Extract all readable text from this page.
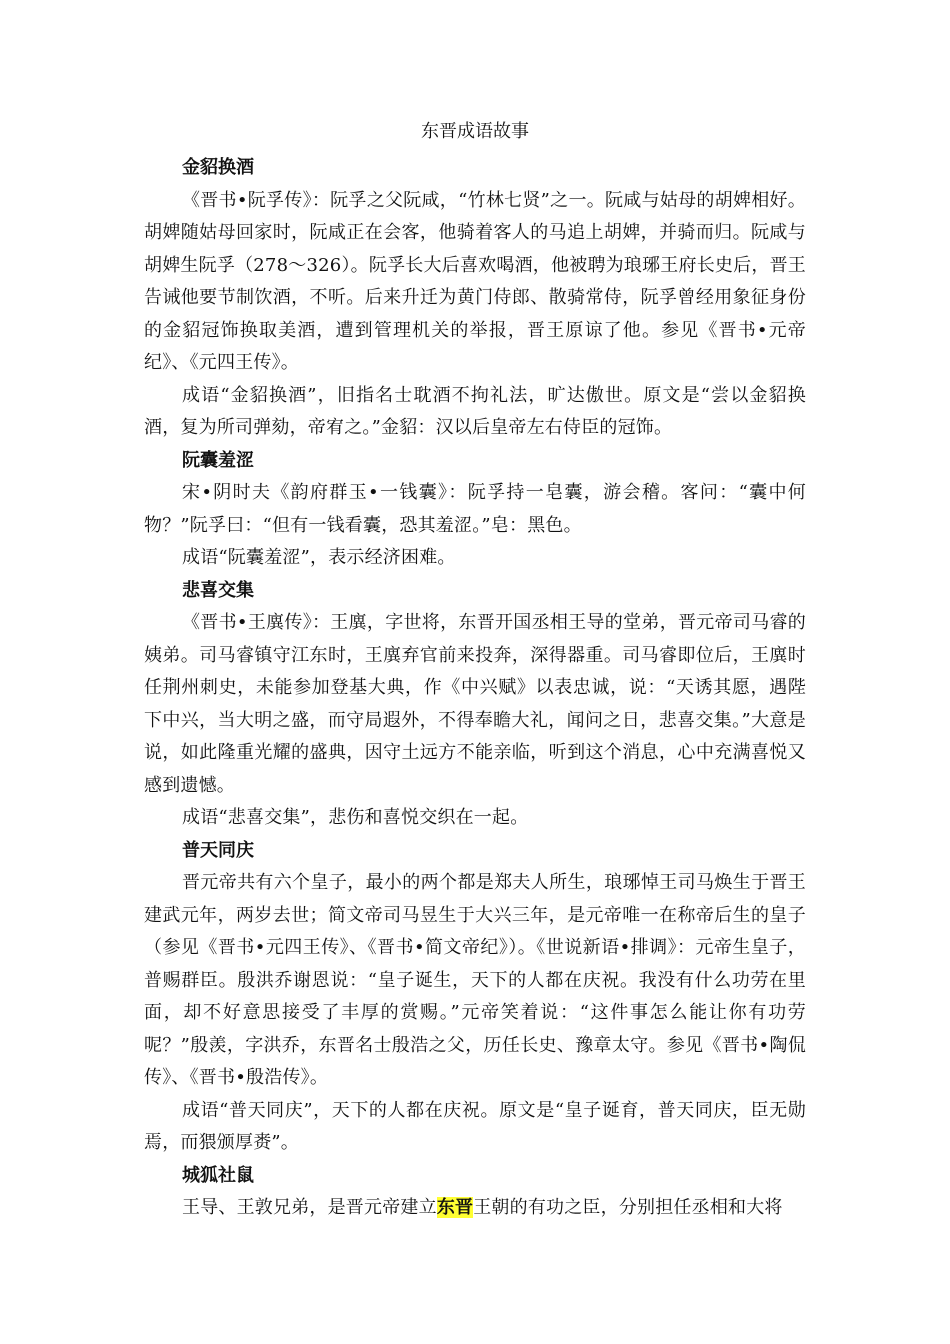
东晋成语故事

金貂换酒

《晋书•阮孚传》：阮孚之父阮咸，“竹林七贤”之一。阮咸与姑母的胡婢相好。胡婢随姑母回家时，阮咸正在会客，他骑着客人的马追上胡婢，并骑而归。阮咸与胡婢生阮孚（278～326）。阮孚长大后喜欢喝酒，他被聘为琅琊王府长史后，晋王告诫他要节制饮酒，不听。后来升迁为黄门侍郎、散骑常侍，阮孚曾经用象征身份的金貂冠饰换取美酒，遭到管理机关的举报，晋王原谅了他。参见《晋书•元帝纪》、《元四王传》。

成语“金貂换酒”，旧指名士耽酒不拘礼法，旷达傲世。原文是“尝以金貂换酒，复为所司弹劾，帝宥之。”金貂：汉以后皇帝左右侍臣的冠饰。

阮囊羞涩

宋•阴时夫《韵府群玉•一钱囊》：阮孚持一皂囊，游会稽。客问：“囊中何物？”阮孚曰：“但有一钱看囊，恐其羞涩。”皂：黑色。

成语“阮囊羞涩”，表示经济困难。

悲喜交集

《晋书•王廙传》：王廙，字世将，东晋开国丞相王导的堂弟，晋元帝司马睿的姨弟。司马睿镇守江东时，王廙弃官前来投奔，深得器重。司马睿即位后，王廙时任荆州刺史，未能参加登基大典，作《中兴赋》以表忠诚，说：“天诱其愿，遇陛下中兴，当大明之盛，而守局遐外，不得奉瞻大礼，闻问之日，悲喜交集。”大意是说，如此隆重光耀的盛典，因守土远方不能亲临，听到这个消息，心中充满喜悦又感到遗憾。

成语“悲喜交集”，悲伤和喜悦交织在一起。

普天同庆

晋元帝共有六个皇子，最小的两个都是郑夫人所生，琅琊悼王司马焕生于晋王建武元年，两岁去世；简文帝司马昱生于大兴三年，是元帝唯一在称帝后生的皇子（参见《晋书•元四王传》、《晋书•简文帝纪》）。《世说新语•排调》：元帝生皇子，普赐群臣。殷洪乔谢恩说：“皇子诞生，天下的人都在庆祝。我没有什么功劳在里面，却不好意思接受了丰厚的赏赐。”元帝笑着说：“这件事怎么能让你有功劳呢？”殷羡，字洪乔，东晋名士殷浩之父，历任长史、豫章太守。参见《晋书•陶侃传》、《晋书•殷浩传》。

成语“普天同庆”，天下的人都在庆祝。原文是“皇子诞育，普天同庆，臣无勋焉，而猥颁厚赉”。

城狐社鼠

王导、王敦兄弟，是晋元帝建立东晋王朝的有功之臣，分别担任丞相和大将
